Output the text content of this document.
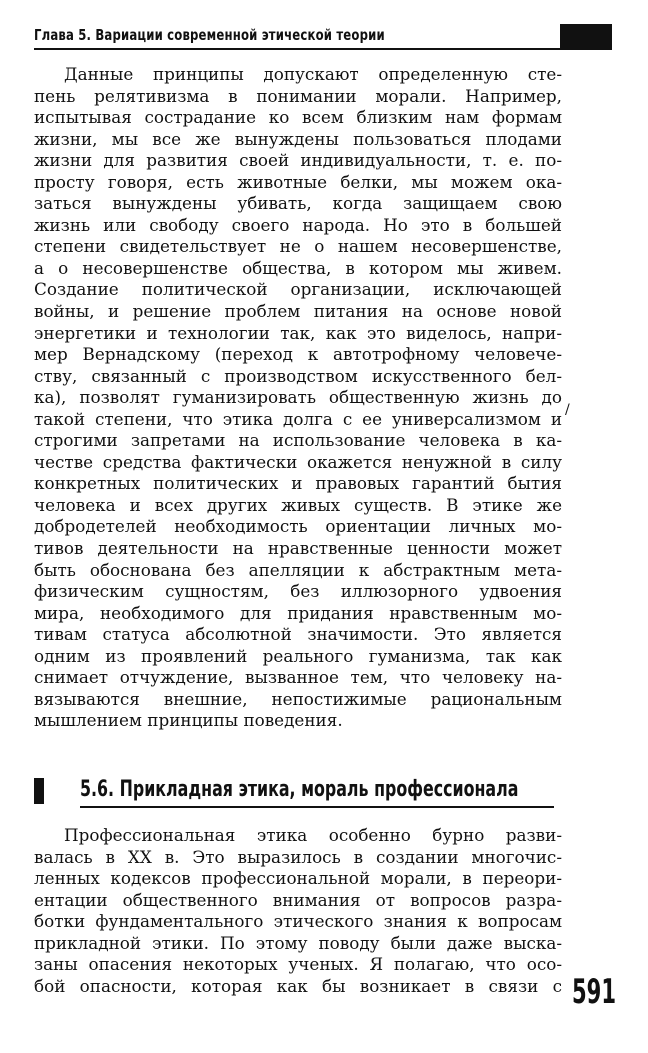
Глава 5. Вариации современной этической теории
Данные принципы допускают определенную сте-
пень релятивизма в понимании морали. Например,
испытывая сострадание ко всем близким нам формам
жизни, мы все же вынуждены пользоваться плодами
жизни для развития своей индивидуальности, т. е. по-
просту говоря, есть животные белки, мы можем ока-
заться вынуждены убивать, когда защищаем свою
жизнь или свободу своего народа. Но это в большей
степени свидетельствует не о нашем несовершенстве,
а о несовершенстве общества, в котором мы живем.
Создание политической организации, исключающей
войны, и решение проблем питания на основе новой
энергетики и технологии так, как это виделось, напри-
мер Вернадскому (переход к автотрофному человече-
ству, связанный с производством искусственного бел-
ка), позволят гуманизировать общественную жизнь до
такой степени, что этика долга с ее универсализмом и
строгими запретами на использование человека в ка-
честве средства фактически окажется ненужной в силу
конкретных политических и правовых гарантий бытия
человека и всех других живых существ. В этике же
добродетелей необходимость ориентации личных мо-
тивов деятельности на нравственные ценности может
быть обоснована без апелляции к абстрактным мета-
физическим сущностям, без иллюзорного удвоения
мира, необходимого для придания нравственным мо-
тивам статуса абсолютной значимости. Это является
одним из проявлений реального гуманизма, так как
снимает отчуждение, вызванное тем, что человеку на-
вязываются внешние, непостижимые рациональным
мышлением принципы поведения.
5.6. Прикладная этика, мораль профессионала
Профессиональная этика особенно бурно разви-
валась в XX в. Это выразилось в создании многочис-
ленных кодексов профессиональной морали, в переори-
ентации общественного внимания от вопросов разра-
ботки фундаментального этического знания к вопросам
прикладной этики. По этому поводу были даже выска-
заны опасения некоторых ученых. Я полагаю, что осо-
бой опасности, которая как бы возникает в связи с
/
591
